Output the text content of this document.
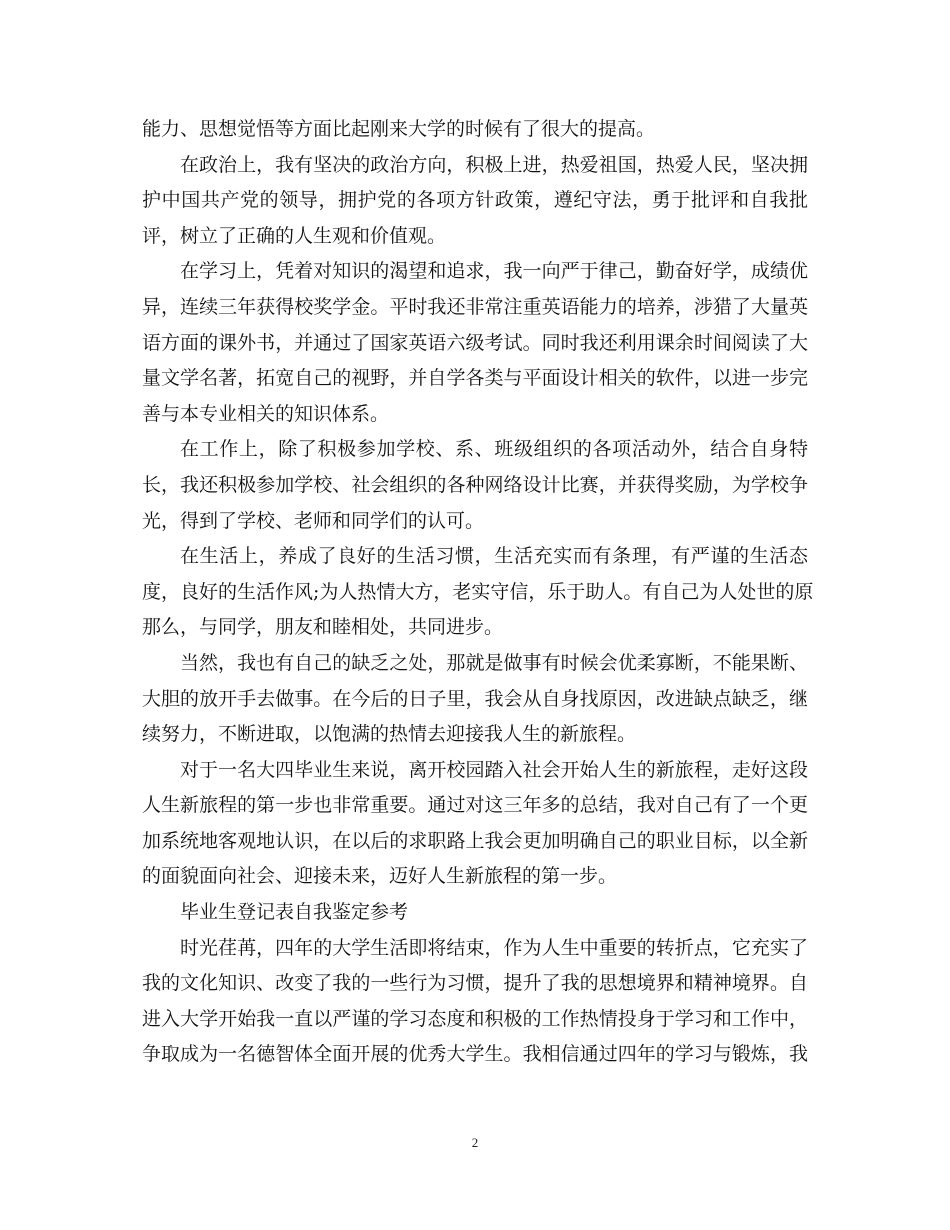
能力、思想觉悟等方面比起刚来大学的时候有了很大的提高。
在政治上，我有坚决的政治方向，积极上进，热爱祖国，热爱人民，坚决拥
护中国共产党的领导，拥护党的各项方针政策，遵纪守法，勇于批评和自我批
评，树立了正确的人生观和价值观。
在学习上，凭着对知识的渴望和追求，我一向严于律己，勤奋好学，成绩优
异，连续三年获得校奖学金。平时我还非常注重英语能力的培养，涉猎了大量英
语方面的课外书，并通过了国家英语六级考试。同时我还利用课余时间阅读了大
量文学名著，拓宽自己的视野，并自学各类与平面设计相关的软件，以进一步完
善与本专业相关的知识体系。
在工作上，除了积极参加学校、系、班级组织的各项活动外，结合自身特
长，我还积极参加学校、社会组织的各种网络设计比赛，并获得奖励，为学校争
光，得到了学校、老师和同学们的认可。
在生活上，养成了良好的生活习惯，生活充实而有条理，有严谨的生活态
度，良好的生活作风;为人热情大方，老实守信，乐于助人。有自己为人处世的原
那么，与同学，朋友和睦相处，共同进步。
当然，我也有自己的缺乏之处，那就是做事有时候会优柔寡断，不能果断、
大胆的放开手去做事。在今后的日子里，我会从自身找原因，改进缺点缺乏，继
续努力，不断进取，以饱满的热情去迎接我人生的新旅程。
对于一名大四毕业生来说，离开校园踏入社会开始人生的新旅程，走好这段
人生新旅程的第一步也非常重要。通过对这三年多的总结，我对自己有了一个更
加系统地客观地认识，在以后的求职路上我会更加明确自己的职业目标，以全新
的面貌面向社会、迎接未来，迈好人生新旅程的第一步。
毕业生登记表自我鉴定参考
时光荏苒，四年的大学生活即将结束，作为人生中重要的转折点，它充实了
我的文化知识、改变了我的一些行为习惯，提升了我的思想境界和精神境界。自
进入大学开始我一直以严谨的学习态度和积极的工作热情投身于学习和工作中，
争取成为一名德智体全面开展的优秀大学生。我相信通过四年的学习与锻炼，我
2
